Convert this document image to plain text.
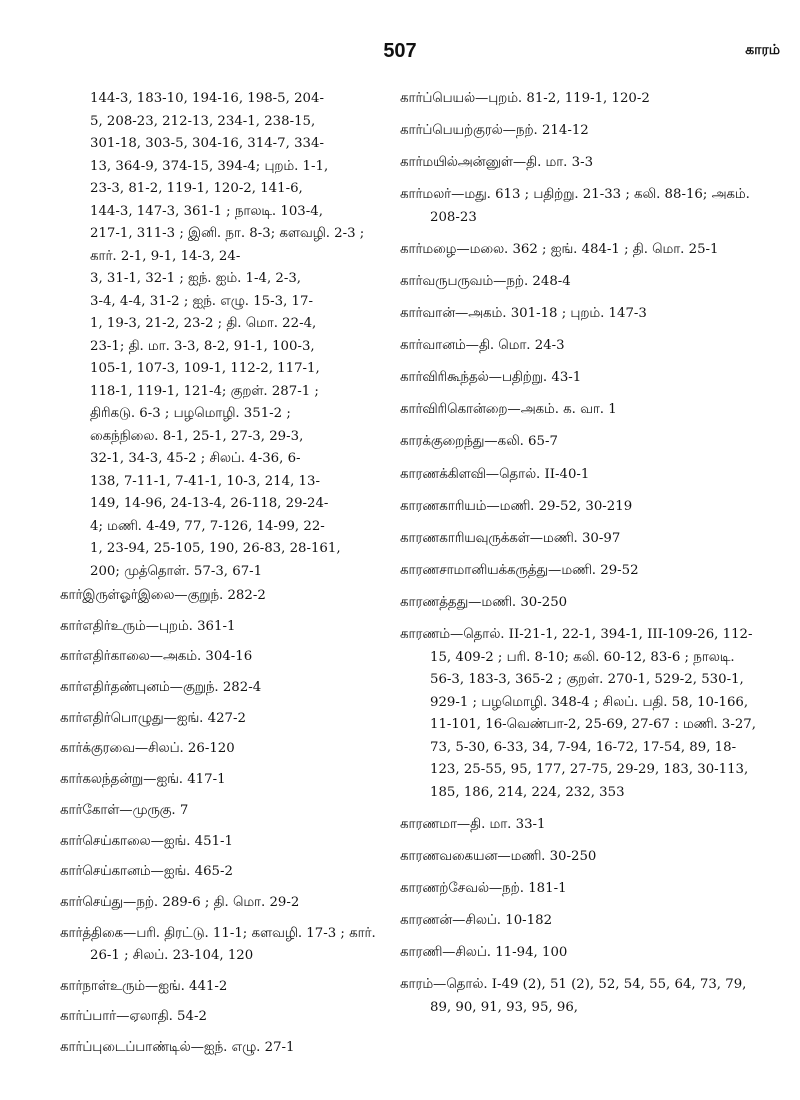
507	காரம்
144-3, 183-10, 194-16, 198-5, 204-
5, 208-23, 212-13, 234-1, 238-15,
301-18, 303-5, 304-16, 314-7, 334-
13, 364-9, 374-15, 394-4; புறம். 1-1,
23-3, 81-2, 119-1, 120-2, 141-6,
144-3, 147-3, 361-1 ; நாலடி. 103-4,
217-1, 311-3 ; இனி. நா. 8-3; களவழி. 2-3 ;
கார். 2-1, 9-1, 14-3, 24-
3, 31-1, 32-1 ; ஐந். ஐம். 1-4, 2-3,
3-4, 4-4, 31-2 ; ஐந். எழு. 15-3, 17-
1, 19-3, 21-2, 23-2 ; தி. மொ. 22-4,
23-1; தி. மா. 3-3, 8-2, 91-1, 100-3,
105-1, 107-3, 109-1, 112-2, 117-1,
118-1, 119-1, 121-4; குறள். 287-1 ;
திரிகடு. 6-3 ; பழமொழி. 351-2 ;
கைந்நிலை. 8-1, 25-1, 27-3, 29-3,
32-1, 34-3, 45-2 ; சிலப். 4-36, 6-
138, 7-11-1, 7-41-1, 10-3, 214, 13-
149, 14-96, 24-13-4, 26-118, 29-24-
4; மணி. 4-49, 77, 7-126, 14-99, 22-
1, 23-94, 25-105, 190, 26-83, 28-161,
200; முத்தொள். 57-3, 67-1
கார்இருள்ஓர்இலை—குறுந். 282-2
கார்எதிர்உரும்—புறம். 361-1
கார்எதிர்காலை—அகம். 304-16
கார்எதிர்தண்புனம்—குறுந். 282-4
கார்எதிர்பொழுது—ஐங். 427-2
கார்க்குரவை—சிலப். 26-120
கார்கலந்தன்று—ஐங். 417-1
கார்கோள்—முருகு. 7
கார்செய்காலை—ஐங். 451-1
கார்செய்கானம்—ஐங். 465-2
கார்செய்து—நற். 289-6 ; தி. மொ. 29-2
கார்த்திகை—பரி. திரட்டு. 11-1; களவழி. 17-3 ; கார். 26-1 ; சிலப். 23-104, 120
கார்நாள்உரும்—ஐங். 441-2
கார்ப்பார்—ஏலாதி. 54-2
கார்ப்புடைப்பாண்டில்—ஐந். எழு. 27-1
கார்ப்பெயல்—புறம். 81-2, 119-1, 120-2
கார்ப்பெயற்குரல்—நற். 214-12
கார்மயில்அன்னுள்—தி. மா. 3-3
கார்மலர்—மது. 613 ; பதிற்று. 21-33 ; கலி. 88-16; அகம். 208-23
கார்மழை—மலை. 362 ; ஐங். 484-1 ; தி. மொ. 25-1
கார்வருபருவம்—நற். 248-4
கார்வான்—அகம். 301-18 ; புறம். 147-3
கார்வானம்—தி. மொ. 24-3
கார்விரிகூந்தல்—பதிற்று. 43-1
கார்விரிகொன்றை—அகம். க. வா. 1
காரக்குறைந்து—கலி. 65-7
காரணக்கிளவி—தொல். II-40-1
காரணகாரியம்—மணி. 29-52, 30-219
காரணகாரியவுருக்கள்—மணி. 30-97
காரணசாமானியக்கருத்து—மணி. 29-52
காரணத்தது—மணி. 30-250
காரணம்—தொல். II-21-1, 22-1, 394-1, III-109-26, 112-15, 409-2 ; பரி. 8-10; கலி. 60-12, 83-6 ; நாலடி. 56-3, 183-3, 365-2 ; குறள். 270-1, 529-2, 530-1, 929-1 ; பழமொழி. 348-4 ; சிலப். பதி. 58, 10-166, 11-101, 16-வெண்பா-2, 25-69, 27-67 : மணி. 3-27, 73, 5-30, 6-33, 34, 7-94, 16-72, 17-54, 89, 18-123, 25-55, 95, 177, 27-75, 29-29, 183, 30-113, 185, 186, 214, 224, 232, 353
காரணமா—தி. மா. 33-1
காரணவகையன—மணி. 30-250
காரணற்சேவல்—நற். 181-1
காரணன்—சிலப். 10-182
காரணி—சிலப். 11-94, 100
காரம்—தொல். I-49 (2), 51 (2), 52, 54, 55, 64, 73, 79, 89, 90, 91, 93, 95, 96,
